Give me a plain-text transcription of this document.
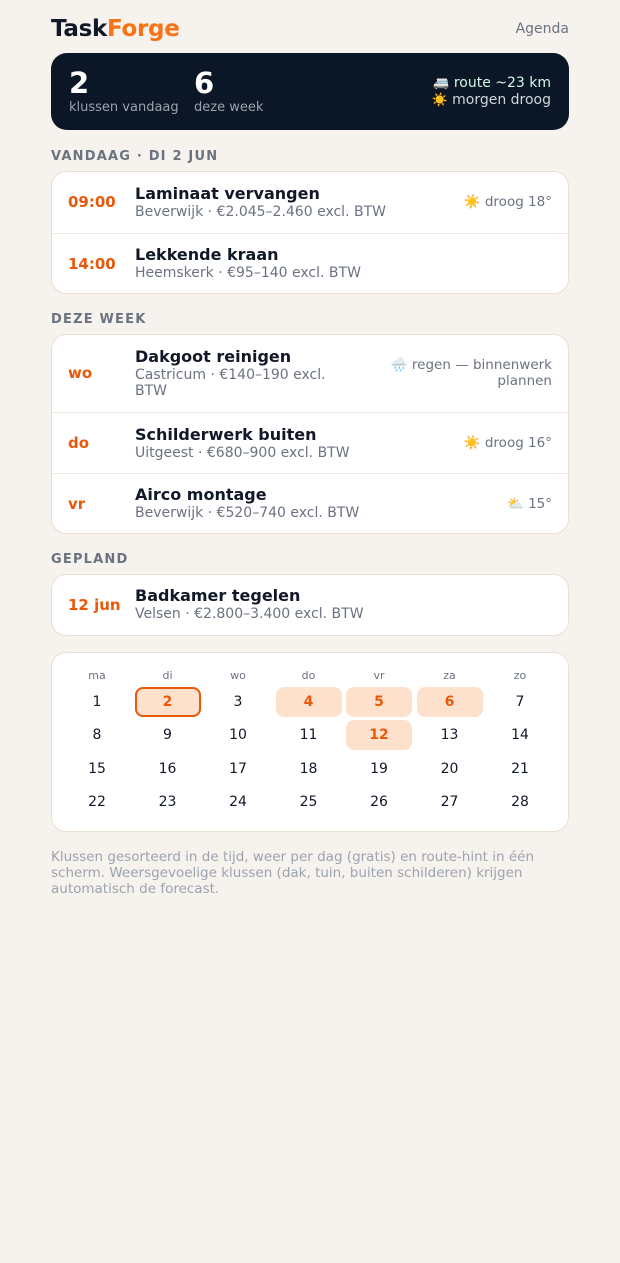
TaskForge	Agenda
2
klussen vandaag
6
deze week
🚐 route ~23 km
☀️ morgen droog
VANDAAG · DI 2 JUN
09:00 Laminaat vervangen
Beverwijk · €2.045–2.460 excl. BTW
☀️ droog 18°
14:00 Lekkende kraan
Heemskerk · €95–140 excl. BTW
DEZE WEEK
wo
Dakgoot reinigen
Castricum · €140–190 excl.
BTW
🌧️ regen — binnenwerk
plannen
do	Schilderwerk buiten
Uitgeest · €680–900 excl. BTW
☀️ droog 16°
vr	Airco montage
Beverwijk · €520–740 excl. BTW
⛅ 15°
GEPLAND
12 jun Badkamer tegelen
Velsen · €2.800–3.400 excl. BTW
ma	di	wo	do	vr	za	zo
1	2	3	4	5	6	7
8	9	10	11	12	13	14
15	16	17	18	19	20	21
22	23	24	25	26	27	28
Klussen gesorteerd in de tijd, weer per dag (gratis) en route-hint in één scherm. Weersgevoelige klussen (dak, tuin, buiten schilderen) krijgen automatisch de forecast.
